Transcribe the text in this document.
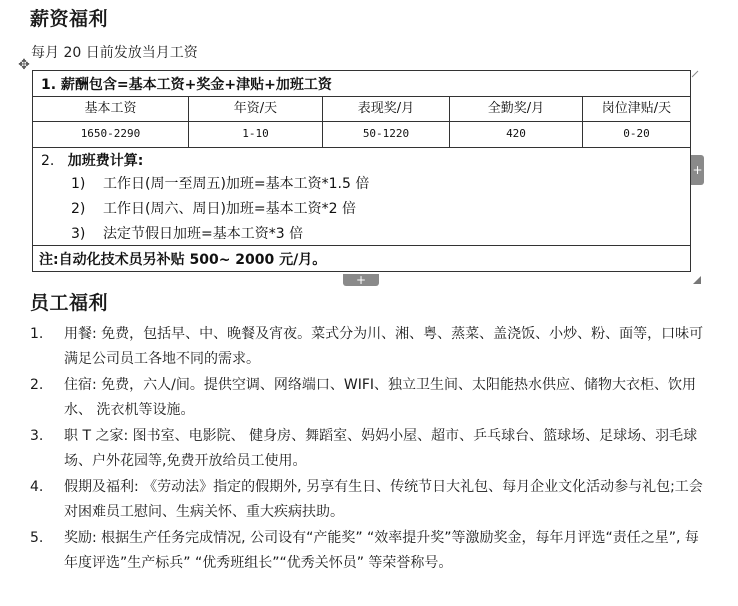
薪资福利
每月 20 日前发放当月工资
✥
1. 薪酬包含=基本工资+奖金+津贴+加班工资
基本工资	年资/天	表现奖/月	全勤奖/月	岗位津贴/天
1650-2290	1-10	50-1220	420	0-20
2. 加班费计算:
1) 工作日(周一至周五)加班=基本工资*1.5 倍
2) 工作日(周六、周日)加班=基本工资*2 倍
3) 法定节假日加班=基本工资*3 倍
注:自动化技术员另补贴 500~ 2000 元/月。
+
+
员工福利
1. 用餐: 免费，包括早、中、晚餐及宵夜。菜式分为川、湘、粤、蒸菜、盖浇饭、小炒、粉、面等，口味可满足公司员工各地不同的需求。
2. 住宿: 免费，六人/间。提供空调、网络端口、WIFI、独立卫生间、太阳能热水供应、储物大衣柜、饮用水、 洗衣机等设施。
3. 职 T 之家: 图书室、电影院、 健身房、舞蹈室、妈妈小屋、超市、乒乓球台、篮球场、足球场、羽毛球场、户外花园等,免费开放给员工使用。
4. 假期及福利: 《劳动法》指定的假期外, 另享有生日、传统节日大礼包、每月企业文化活动参与礼包;工会对困难员工慰问、生病关怀、重大疾病扶助。
5. 奖励: 根据生产任务完成情况, 公司设有“产能奖” “效率提升奖”等激励奖金，每年月评选“责任之星”, 每年度评选”生产标兵” “优秀班组长”“优秀关怀员” 等荣誉称号。
